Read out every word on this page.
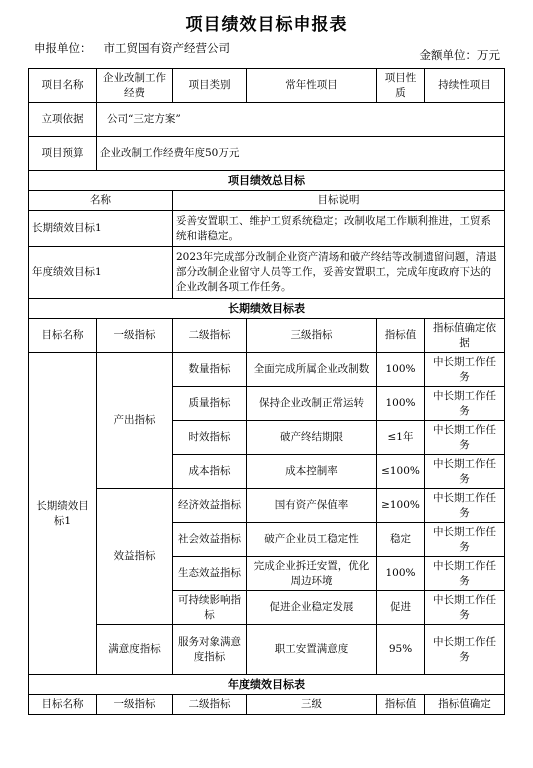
项目绩效目标申报表
申报单位： 市工贸国有资产经营公司	金额单位：万元
项目名称	企业改制工作经费	项目类别	常年性项目	项目性质	持续性项目
立项依据	公司“三定方案”				
项目预算	企业改制工作经费年度50万元				
项目绩效总目标					
名称		目标说明			
长期绩效目标1		妥善安置职工、维护工贸系统稳定；改制收尾工作顺利推进，工贸系统和谐稳定。			
年度绩效目标1		2023年完成部分改制企业资产清场和破产终结等改制遗留问题，清退部分改制企业留守人员等工作，妥善安置职工，完成年度政府下达的企业改制各项工作任务。			
长期绩效目标表					
目标名称	一级指标	二级指标	三级指标	指标值	指标值确定依据
长期绩效目标1	产出指标	数量指标	全面完成所属企业改制数	100%	中长期工作任务
		质量指标	保持企业改制正常运转	100%	中长期工作任务
		时效指标	破产终结期限	≤1年	中长期工作任务
		成本指标	成本控制率	≤100%	中长期工作任务
	效益指标	经济效益指标	国有资产保值率	≥100%	中长期工作任务
		社会效益指标	破产企业员工稳定性	稳定	中长期工作任务
		生态效益指标	完成企业拆迁安置，优化周边环境	100%	中长期工作任务
		可持续影响指标	促进企业稳定发展	促进	中长期工作任务
	满意度指标	服务对象满意度指标	职工安置满意度	95%	中长期工作任务
年度绩效目标表					
目标名称	一级指标	二级指标	三级	指标值	指标值确定
